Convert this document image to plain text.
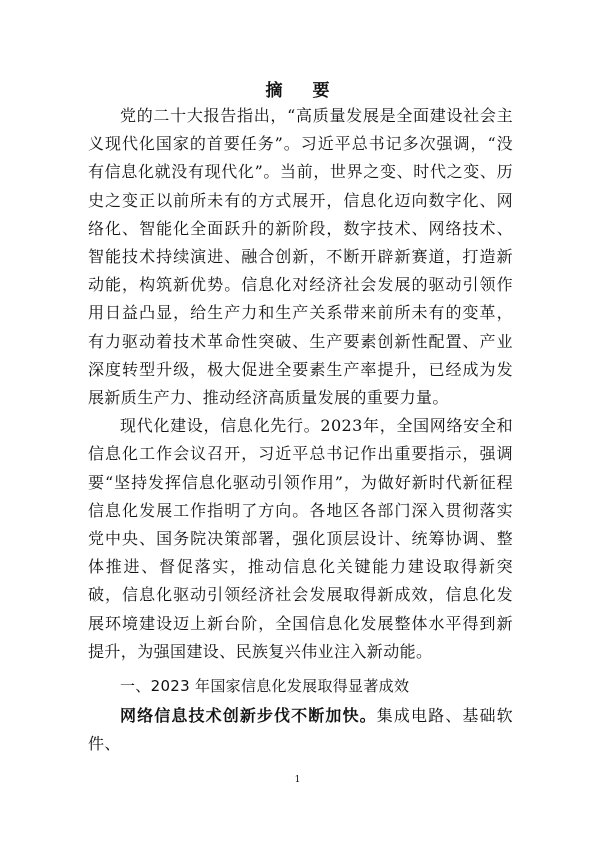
摘 要

党的二十大报告指出，“高质量发展是全面建设社会主义现代化国家的首要任务”。习近平总书记多次强调，“没有信息化就没有现代化”。当前，世界之变、时代之变、历史之变正以前所未有的方式展开，信息化迈向数字化、网络化、智能化全面跃升的新阶段，数字技术、网络技术、智能技术持续演进、融合创新，不断开辟新赛道，打造新动能，构筑新优势。信息化对经济社会发展的驱动引领作用日益凸显，给生产力和生产关系带来前所未有的变革，有力驱动着技术革命性突破、生产要素创新性配置、产业深度转型升级，极大促进全要素生产率提升，已经成为发展新质生产力、推动经济高质量发展的重要力量。

现代化建设，信息化先行。2023年，全国网络安全和信息化工作会议召开，习近平总书记作出重要指示，强调要“坚持发挥信息化驱动引领作用”，为做好新时代新征程信息化发展工作指明了方向。各地区各部门深入贯彻落实党中央、国务院决策部署，强化顶层设计、统筹协调、整体推进、督促落实，推动信息化关键能力建设取得新突破，信息化驱动引领经济社会发展取得新成效，信息化发展环境建设迈上新台阶，全国信息化发展整体水平得到新提升，为强国建设、民族复兴伟业注入新动能。

一、2023 年国家信息化发展取得显著成效

网络信息技术创新步伐不断加快。集成电路、基础软件、

1
